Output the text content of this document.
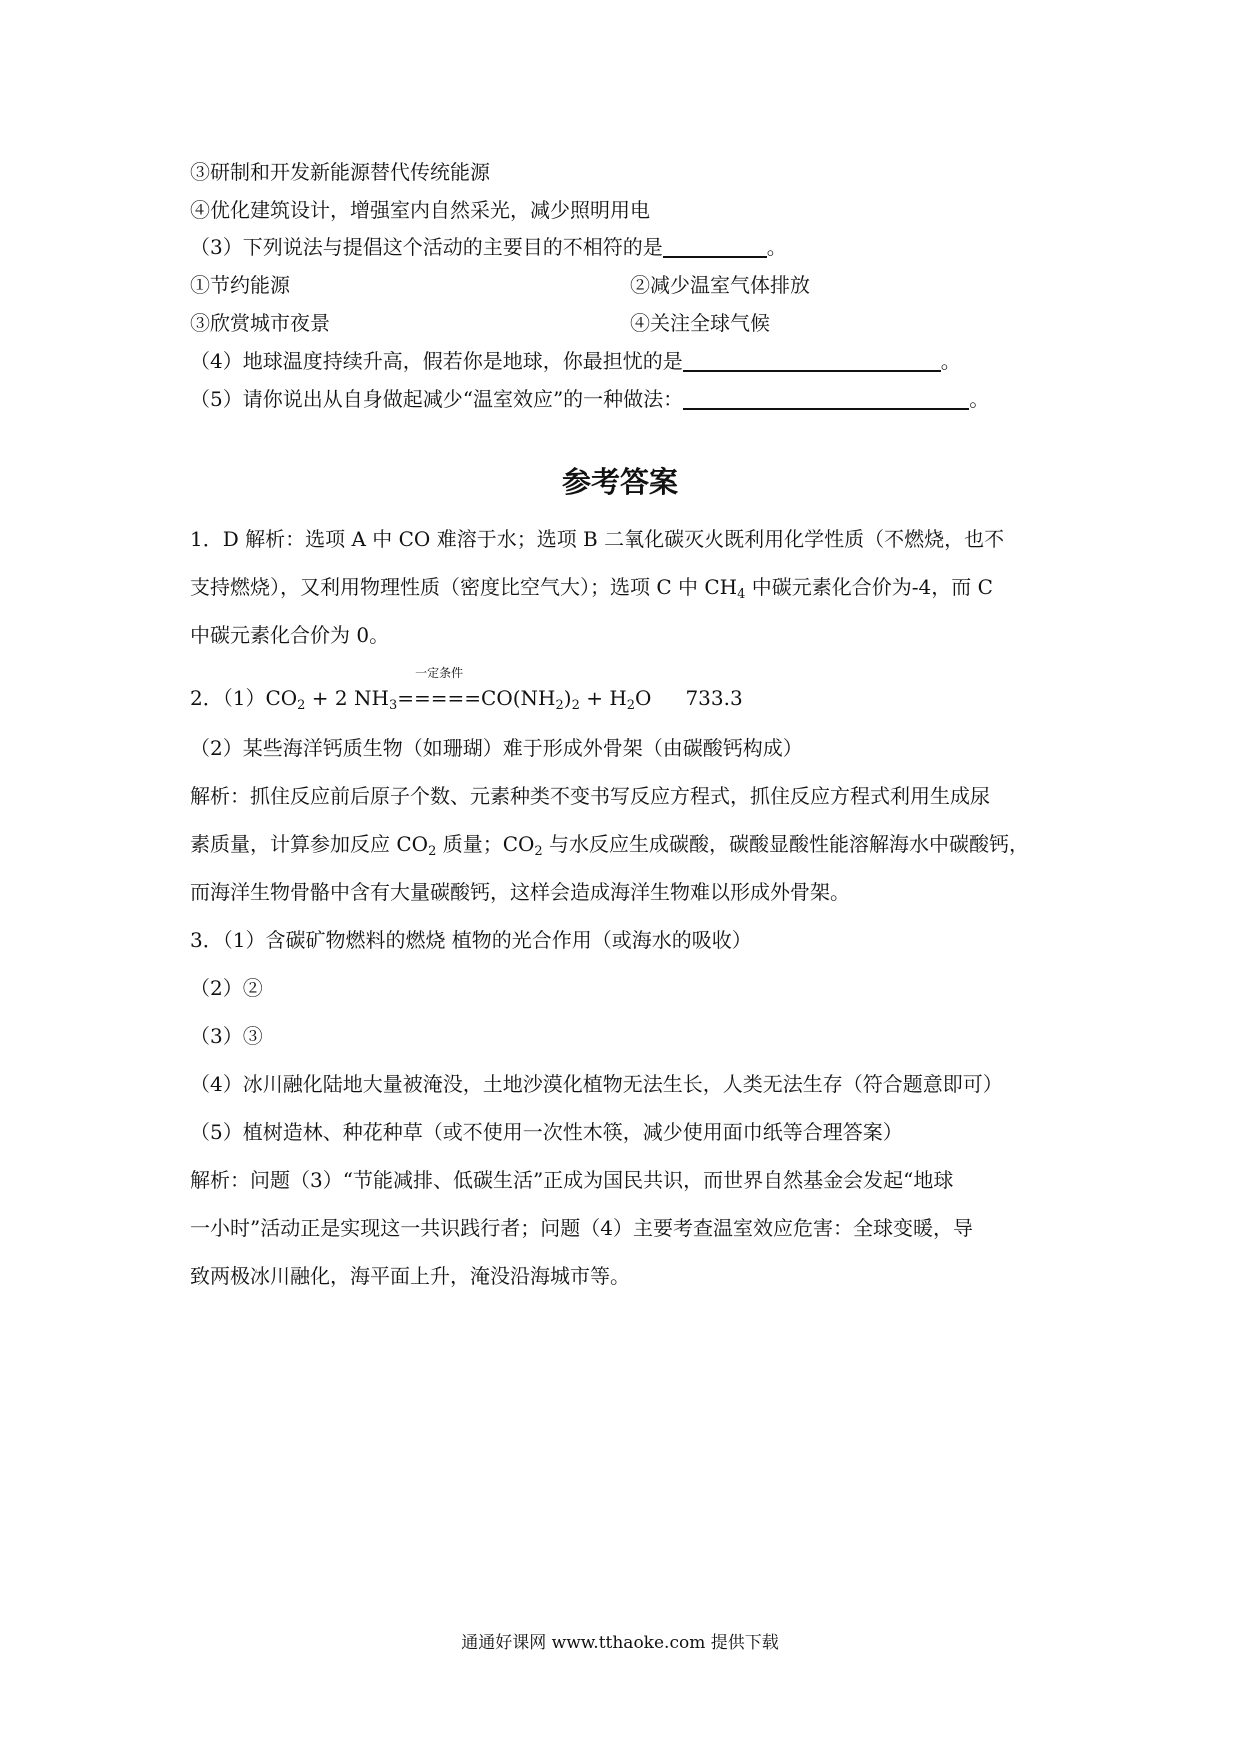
③研制和开发新能源替代传统能源
④优化建筑设计，增强室内自然采光，减少照明用电
（3）下列说法与提倡这个活动的主要目的不相符的是	。
①节约能源	②减少温室气体排放
③欣赏城市夜景	④关注全球气候
（4）地球温度持续升高，假若你是地球，你最担忧的是	。
（5）请你说出从自身做起减少“温室效应”的一种做法：	。
参考答案
1．D 解析：选项 A 中 CO 难溶于水；选项 B 二氧化碳灭火既利用化学性质（不燃烧，也不
支持燃烧），又利用物理性质（密度比空气大）；选项 C 中 $CH_4$ 中碳元素化合价为-4，而 C
中碳元素化合价为 0。
2．$(1)CO_2 + 2$ $NH_3$
一定条件
$=====CO(NH_2)_2 + H_2O$ 733.3
（2）某些海洋钙质生物（如珊瑚）难于形成外骨架（由碳酸钙构成）
解析：抓住反应前后原子个数、元素种类不变书写反应方程式，抓住反应方程式利用生成尿
素质量，计算参加反应 $CO_2$ 质量；$CO_2$ 与水反应生成碳酸，碳酸显酸性能溶解海水中碳酸钙，
而海洋生物骨骼中含有大量碳酸钙，这样会造成海洋生物难以形成外骨架。
3．（1）含碳矿物燃料的燃烧 植物的光合作用（或海水的吸收）
（2）②
（3）③
（4）冰川融化陆地大量被淹没，土地沙漠化植物无法生长，人类无法生存（符合题意即可）
（5）植树造林、种花种草（或不使用一次性木筷，减少使用面巾纸等合理答案）
解析：问题（3）“节能减排、低碳生活”正成为国民共识，而世界自然基金会发起“地球
一小时”活动正是实现这一共识践行者；问题（4）主要考查温室效应危害：全球变暖，导
致两极冰川融化，海平面上升，淹没沿海城市等。
通通好课网 www.tthaoke.com 提供下载
